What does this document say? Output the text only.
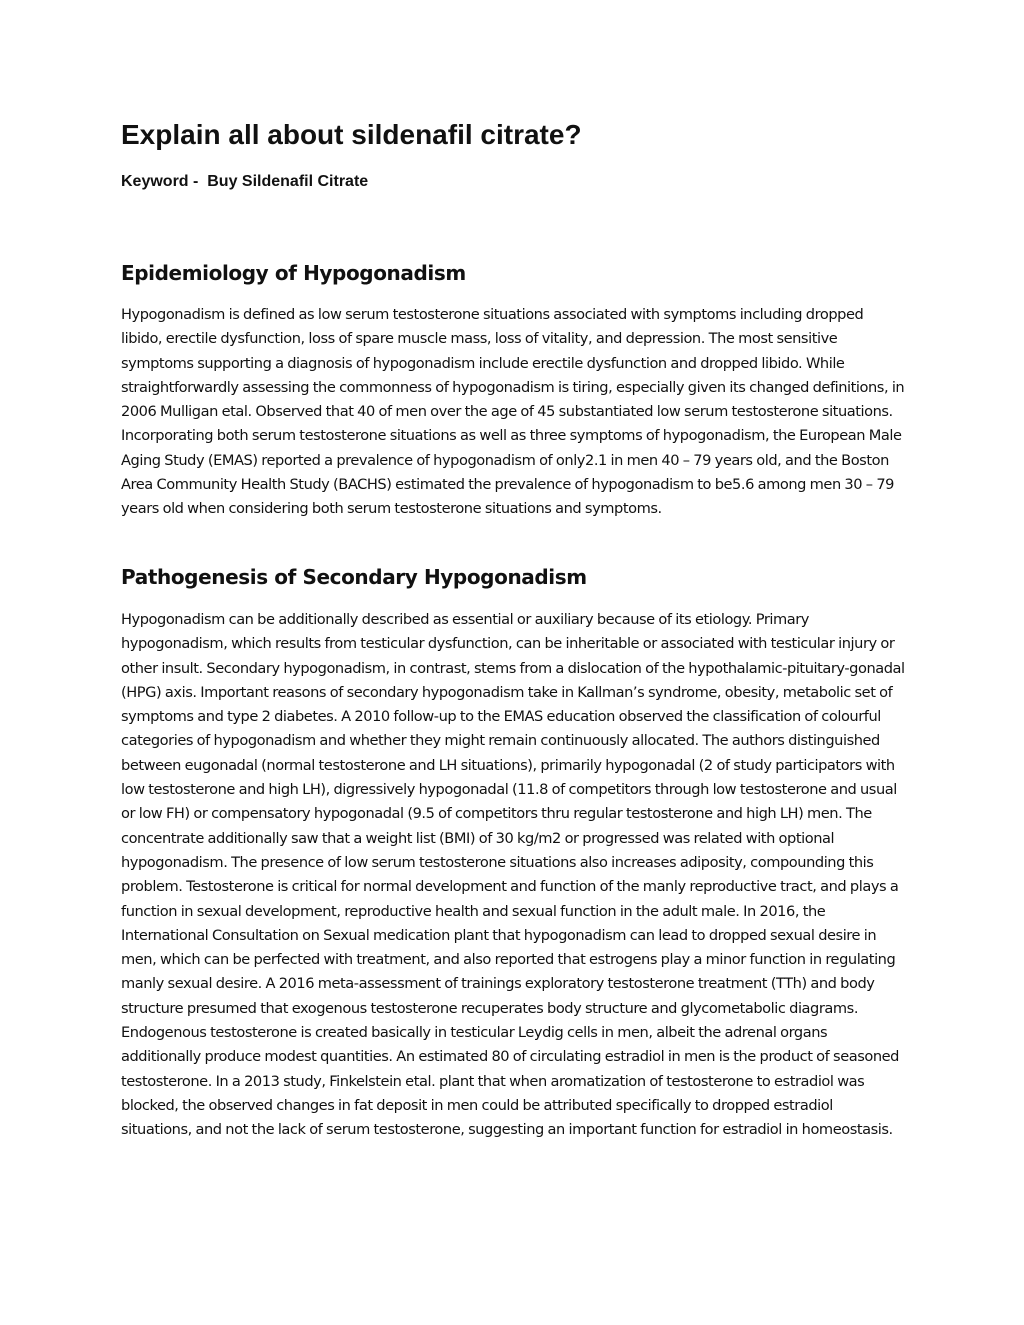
Explain all about sildenafil citrate?

Keyword -  Buy Sildenafil Citrate

Epidemiology of Hypogonadism

Hypogonadism is defined as low serum testosterone situations associated with symptoms including dropped libido, erectile dysfunction, loss of spare muscle mass, loss of vitality, and depression. The most sensitive symptoms supporting a diagnosis of hypogonadism include erectile dysfunction and dropped libido. While straightforwardly assessing the commonness of hypogonadism is tiring, especially given its changed definitions, in 2006 Mulligan etal. Observed that 40 of men over the age of 45 substantiated low serum testosterone situations. Incorporating both serum testosterone situations as well as three symptoms of hypogonadism, the European Male Aging Study (EMAS) reported a prevalence of hypogonadism of only2.1 in men 40 – 79 years old, and the Boston Area Community Health Study (BACHS) estimated the prevalence of hypogonadism to be5.6 among men 30 – 79 years old when considering both serum testosterone situations and symptoms.

Pathogenesis of Secondary Hypogonadism

Hypogonadism can be additionally described as essential or auxiliary because of its etiology. Primary hypogonadism, which results from testicular dysfunction, can be inheritable or associated with testicular injury or other insult. Secondary hypogonadism, in contrast, stems from a dislocation of the hypothalamic-pituitary-gonadal (HPG) axis. Important reasons of secondary hypogonadism take in Kallman’s syndrome, obesity, metabolic set of symptoms and type 2 diabetes. A 2010 follow-up to the EMAS education observed the classification of colourful categories of hypogonadism and whether they might remain continuously allocated. The authors distinguished between eugonadal (normal testosterone and LH situations), primarily hypogonadal (2 of study participators with low testosterone and high LH), digressively hypogonadal (11.8 of competitors through low testosterone and usual or low FH) or compensatory hypogonadal (9.5 of competitors thru regular testosterone and high LH) men. The concentrate additionally saw that a weight list (BMI) of 30 kg/m2 or progressed was related with optional hypogonadism. The presence of low serum testosterone situations also increases adiposity, compounding this problem. Testosterone is critical for normal development and function of the manly reproductive tract, and plays a function in sexual development, reproductive health and sexual function in the adult male. In 2016, the International Consultation on Sexual medication plant that hypogonadism can lead to dropped sexual desire in men, which can be perfected with treatment, and also reported that estrogens play a minor function in regulating manly sexual desire. A 2016 meta-assessment of trainings exploratory testosterone treatment (TTh) and body structure presumed that exogenous testosterone recuperates body structure and glycometabolic diagrams. Endogenous testosterone is created basically in testicular Leydig cells in men, albeit the adrenal organs additionally produce modest quantities. An estimated 80 of circulating estradiol in men is the product of seasoned testosterone. In a 2013 study, Finkelstein etal. plant that when aromatization of testosterone to estradiol was blocked, the observed changes in fat deposit in men could be attributed specifically to dropped estradiol situations, and not the lack of serum testosterone, suggesting an important function for estradiol in homeostasis.
